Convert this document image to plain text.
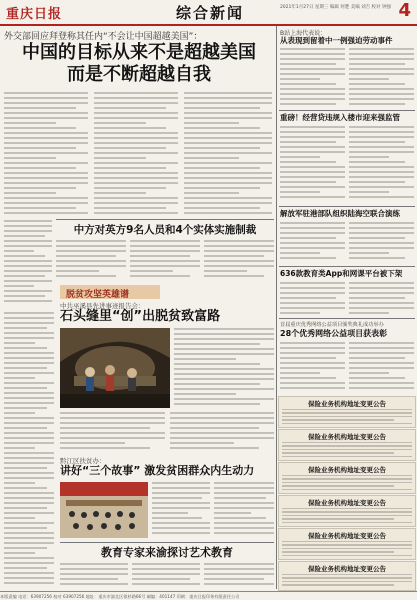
重庆日报	综合新闻	2021年1月27日 星期三 编辑 何楚 美编 刘吉 校对 钟强 4
外交部回应拜登称其任内“不会让中国超越美国”：
中国的目标从来不是超越美国
而是不断超越自我
中方对英方9名人员和4个实体实施制裁
脱贫攻坚英雄谱
中共巫溪县先进事迹报告会：
石头缝里“创”出脱贫致富路
黔江区扶贫办：
讲好“三个故事” 激发贫困群众内生动力
教育专家来渝探讨艺术教育
B站上海代表说：
从表现到留着中一例强迫劳动事件
重磅！经营贷违规入楼市迎来强监管
解放军驻港部队组织陆海空联合演练
636款教育类App和网课平台被下架
首届重庆优秀网络公益项目颁奖典礼成功举办
28个优秀网络公益项目获表彰
保险业务机构地址变更公告
保险业务机构地址变更公告
保险业务机构地址变更公告
保险业务机构地址变更公告
保险业务机构地址变更公告
保险业务机构地址变更公告
本版责编 电话：63907256 校对 63907256 地址：重庆市渝北区银杉路66号 邮编：401147 印刷：重庆日报印务有限责任公司
